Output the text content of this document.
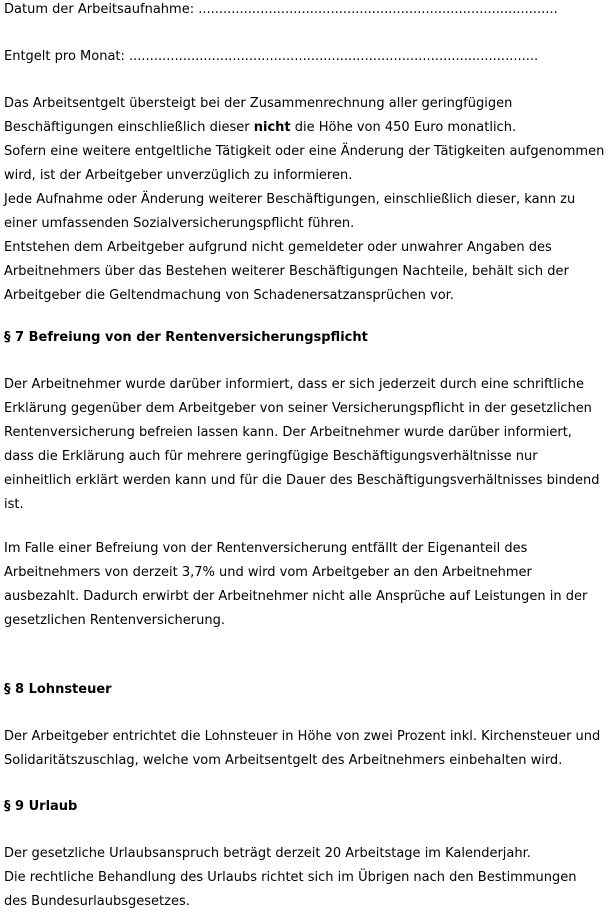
Datum der Arbeitsaufnahme: .......................................................................................
Entgelt pro Monat: ...................................................................................................
Das Arbeitsentgelt übersteigt bei der Zusammenrechnung aller geringfügigen
Beschäftigungen einschließlich dieser nicht die Höhe von 450 Euro monatlich.
Sofern eine weitere entgeltliche Tätigkeit oder eine Änderung der Tätigkeiten aufgenommen
wird, ist der Arbeitgeber unverzüglich zu informieren.
Jede Aufnahme oder Änderung weiterer Beschäftigungen, einschließlich dieser, kann zu
einer umfassenden Sozialversicherungspflicht führen.
Entstehen dem Arbeitgeber aufgrund nicht gemeldeter oder unwahrer Angaben des
Arbeitnehmers über das Bestehen weiterer Beschäftigungen Nachteile, behält sich der
Arbeitgeber die Geltendmachung von Schadenersatzansprüchen vor.
§ 7 Befreiung von der Rentenversicherungspflicht
Der Arbeitnehmer wurde darüber informiert, dass er sich jederzeit durch eine schriftliche
Erklärung gegenüber dem Arbeitgeber von seiner Versicherungspflicht in der gesetzlichen
Rentenversicherung befreien lassen kann. Der Arbeitnehmer wurde darüber informiert,
dass die Erklärung auch für mehrere geringfügige Beschäftigungsverhältnisse nur
einheitlich erklärt werden kann und für die Dauer des Beschäftigungsverhältnisses bindend
ist.
Im Falle einer Befreiung von der Rentenversicherung entfällt der Eigenanteil des
Arbeitnehmers von derzeit 3,7% und wird vom Arbeitgeber an den Arbeitnehmer
ausbezahlt. Dadurch erwirbt der Arbeitnehmer nicht alle Ansprüche auf Leistungen in der
gesetzlichen Rentenversicherung.
§ 8 Lohnsteuer
Der Arbeitgeber entrichtet die Lohnsteuer in Höhe von zwei Prozent inkl. Kirchensteuer und
Solidaritätszuschlag, welche vom Arbeitsentgelt des Arbeitnehmers einbehalten wird.
§ 9 Urlaub
Der gesetzliche Urlaubsanspruch beträgt derzeit 20 Arbeitstage im Kalenderjahr.
Die rechtliche Behandlung des Urlaubs richtet sich im Übrigen nach den Bestimmungen
des Bundesurlaubsgesetzes.
